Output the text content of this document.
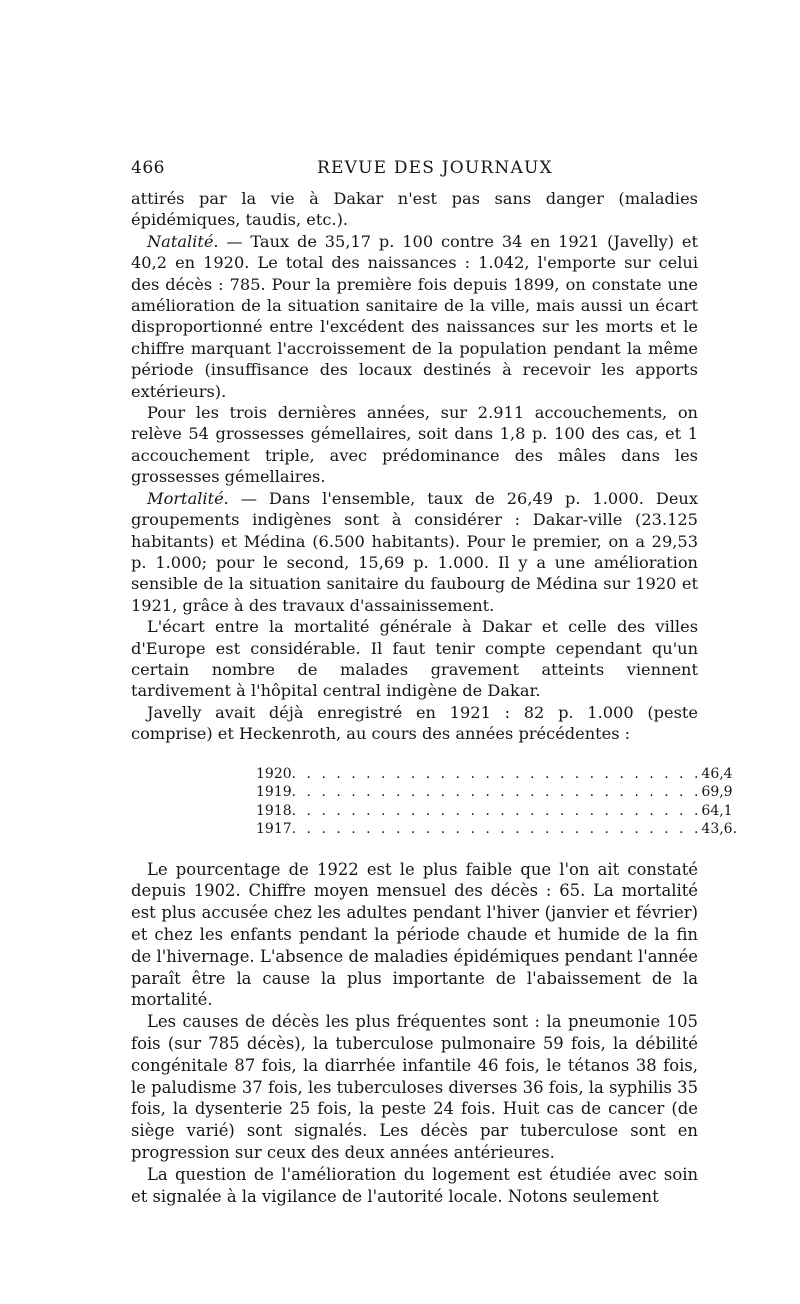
466	REVUE DES JOURNAUX

attirés par la vie à Dakar n'est pas sans danger (maladies épidémiques, taudis, etc.).

Natalité. — Taux de 35,17 p. 100 contre 34 en 1921 (Javelly) et 40,2 en 1920. Le total des naissances : 1.042, l'emporte sur celui des décès : 785. Pour la première fois depuis 1899, on constate une amélioration de la situation sanitaire de la ville, mais aussi un écart disproportionné entre l'excédent des naissances sur les morts et le chiffre marquant l'accroissement de la population pendant la même période (insuffisance des locaux destinés à recevoir les apports extérieurs).

Pour les trois dernières années, sur 2.911 accouchements, on relève 54 grossesses gémellaires, soit dans 1,8 p. 100 des cas, et 1 accouchement triple, avec prédominance des mâles dans les grossesses gémellaires.

Mortalité. — Dans l'ensemble, taux de 26,49 p. 1.000. Deux groupements indigènes sont à considérer : Dakar-ville (23.125 habitants) et Médina (6.500 habitants). Pour le premier, on a 29,53 p. 1.000; pour le second, 15,69 p. 1.000. Il y a une amélioration sensible de la situation sanitaire du faubourg de Médina sur 1920 et 1921, grâce à des travaux d'assainissement.

L'écart entre la mortalité générale à Dakar et celle des villes d'Europe est considérable. Il faut tenir compte cependant qu'un certain nombre de malades gravement atteints viennent tardivement à l'hôpital central indigène de Dakar.

Javelly avait déjà enregistré en 1921 : 82 p. 1.000 (peste comprise) et Heckenroth, au cours des années précédentes :

1920 . . . . . . . . . . . . . . . . . . . . . . . . . . . . 46,4
1919 . . . . . . . . . . . . . . . . . . . . . . . . . . . . 69,9
1918 . . . . . . . . . . . . . . . . . . . . . . . . . . . . 64,1
1917 . . . . . . . . . . . . . . . . . . . . . . . . . . . . 43,6.

Le pourcentage de 1922 est le plus faible que l'on ait constaté depuis 1902. Chiffre moyen mensuel des décès : 65. La mortalité est plus accusée chez les adultes pendant l'hiver (janvier et février) et chez les enfants pendant la période chaude et humide de la fin de l'hivernage. L'absence de maladies épidémiques pendant l'année paraît être la cause la plus importante de l'abaissement de la mortalité.

Les causes de décès les plus fréquentes sont : la pneumonie 105 fois (sur 785 décès), la tuberculose pulmonaire 59 fois, la débilité congénitale 87 fois, la diarrhée infantile 46 fois, le tétanos 38 fois, le paludisme 37 fois, les tuberculoses diverses 36 fois, la syphilis 35 fois, la dysenterie 25 fois, la peste 24 fois. Huit cas de cancer (de siège varié) sont signalés. Les décès par tuberculose sont en progression sur ceux des deux années antérieures.

La question de l'amélioration du logement est étudiée avec soin et signalée à la vigilance de l'autorité locale. Notons seulement
